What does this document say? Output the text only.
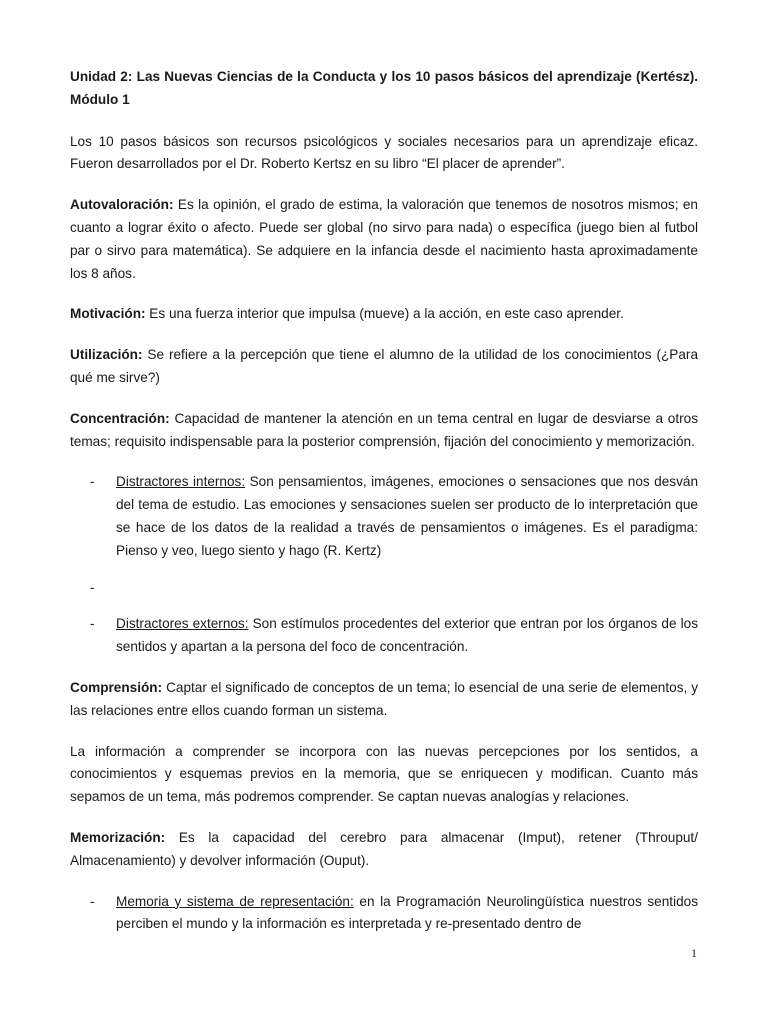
Unidad 2: Las Nuevas Ciencias de la Conducta y los 10 pasos básicos del aprendizaje (Kertész). Módulo 1

Los 10 pasos básicos son recursos psicológicos y sociales necesarios para un aprendizaje eficaz. Fueron desarrollados por el Dr. Roberto Kertsz en su libro “El placer de aprender”.

Autovaloración: Es la opinión, el grado de estima, la valoración que tenemos de nosotros mismos; en cuanto a lograr éxito o afecto. Puede ser global (no sirvo para nada) o específica (juego bien al futbol par o sirvo para matemática). Se adquiere en la infancia desde el nacimiento hasta aproximadamente los 8 años.

Motivación: Es una fuerza interior que impulsa (mueve) a la acción, en este caso aprender.

Utilización: Se refiere a la percepción que tiene el alumno de la utilidad de los conocimientos (¿Para qué me sirve?)

Concentración: Capacidad de mantener la atención en un tema central en lugar de desviarse a otros temas; requisito indispensable para la posterior comprensión, fijación del conocimiento y memorización.

- Distractores internos: Son pensamientos, imágenes, emociones o sensaciones que nos desván del tema de estudio. Las emociones y sensaciones suelen ser producto de lo interpretación que se hace de los datos de la realidad a través de pensamientos o imágenes. Es el paradigma: Pienso y veo, luego siento y hago (R. Kertz)
-
- Distractores externos: Son estímulos procedentes del exterior que entran por los órganos de los sentidos y apartan a la persona del foco de concentración.

Comprensión: Captar el significado de conceptos de un tema; lo esencial de una serie de elementos, y las relaciones entre ellos cuando forman un sistema.

La información a comprender se incorpora con las nuevas percepciones por los sentidos, a conocimientos y esquemas previos en la memoria, que se enriquecen y modifican. Cuanto más sepamos de un tema, más podremos comprender. Se captan nuevas analogías y relaciones.

Memorización: Es la capacidad del cerebro para almacenar (Imput), retener (Throuput/ Almacenamiento) y devolver información (Ouput).

- Memoria y sistema de representación: en la Programación Neurolingüística nuestros sentidos perciben el mundo y la información es interpretada y re-presentado dentro de
1
